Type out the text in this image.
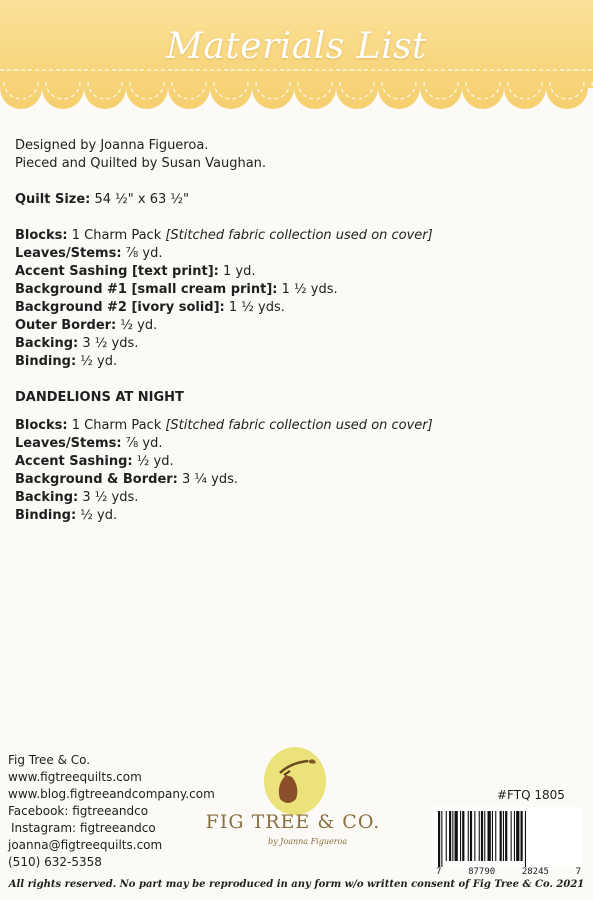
Materials List
Designed by Joanna Figueroa.
Pieced and Quilted by Susan Vaughan.
Quilt Size: 54 ½" x 63 ½"
Blocks: 1 Charm Pack [Stitched fabric collection used on cover]
Leaves/Stems: ⅞ yd.
Accent Sashing [text print]: 1 yd.
Background #1 [small cream print]: 1 ½ yds.
Background #2 [ivory solid]: 1 ½ yds.
Outer Border: ½ yd.
Backing: 3 ½ yds.
Binding: ½ yd.
DANDELIONS AT NIGHT
Blocks: 1 Charm Pack [Stitched fabric collection used on cover]
Leaves/Stems: ⅞ yd.
Accent Sashing: ½ yd.
Background & Border: 3 ¼ yds.
Backing: 3 ½ yds.
Binding: ½ yd.
Fig Tree & Co.
www.figtreequilts.com
www.blog.figtreeandcompany.com
Facebook: figtreeandco
Instagram: figtreeandco
joanna@figtreequilts.com
(510) 632-5358
FIG TREE & CO.
by Joanna Figueroa
#FTQ 1805
7	87790	28245	7
All rights reserved. No part may be reproduced in any form w/o written consent of Fig Tree & Co. 2021
